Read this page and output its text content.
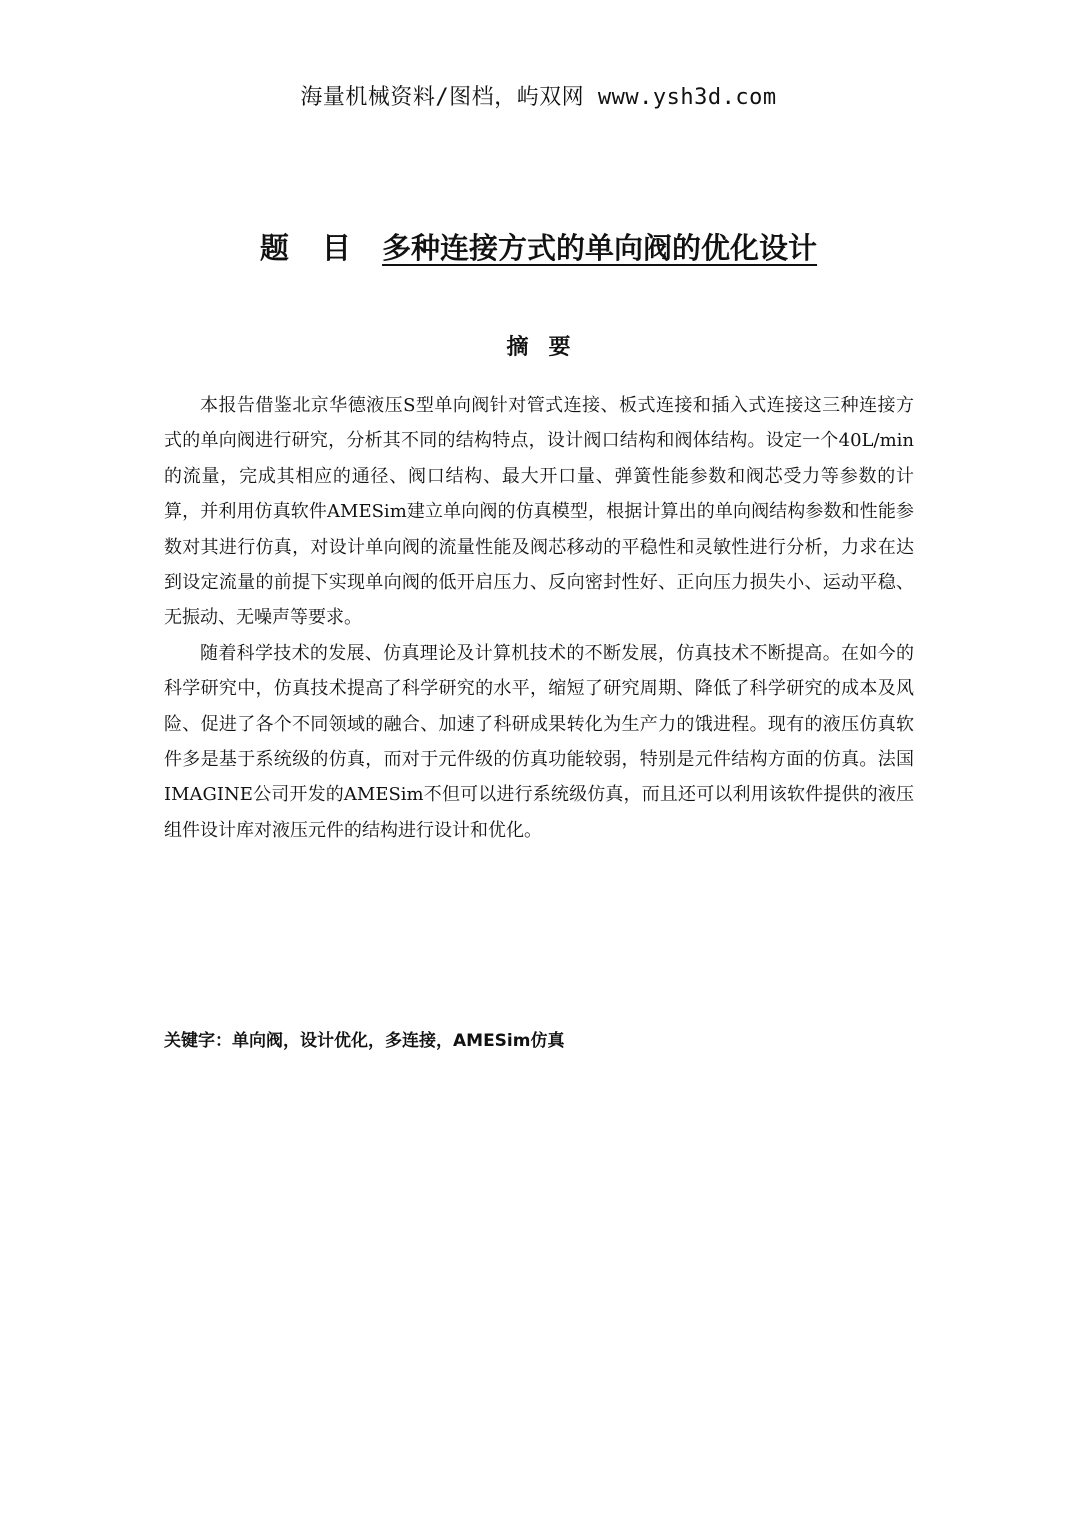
海量机械资料/图档，屿双网 www.ysh3d.com
题目 多种连接方式的单向阀的优化设计
摘要

本报告借鉴北京华德液压S型单向阀针对管式连接、板式连接和插入式连接这三种连接方式的单向阀进行研究，分析其不同的结构特点，设计阀口结构和阀体结构。设定一个40L/min的流量，完成其相应的通径、阀口结构、最大开口量、弹簧性能参数和阀芯受力等参数的计算，并利用仿真软件AMESim建立单向阀的仿真模型，根据计算出的单向阀结构参数和性能参数对其进行仿真，对设计单向阀的流量性能及阀芯移动的平稳性和灵敏性进行分析，力求在达到设定流量的前提下实现单向阀的低开启压力、反向密封性好、正向压力损失小、运动平稳、无振动、无噪声等要求。

随着科学技术的发展、仿真理论及计算机技术的不断发展，仿真技术不断提高。在如今的科学研究中，仿真技术提高了科学研究的水平，缩短了研究周期、降低了科学研究的成本及风险、促进了各个不同领域的融合、加速了科研成果转化为生产力的饿进程。现有的液压仿真软件多是基于系统级的仿真，而对于元件级的仿真功能较弱，特别是元件结构方面的仿真。法国IMAGINE公司开发的AMESim不但可以进行系统级仿真，而且还可以利用该软件提供的液压组件设计库对液压元件的结构进行设计和优化。

关键字：单向阀，设计优化，多连接，AMESim仿真
